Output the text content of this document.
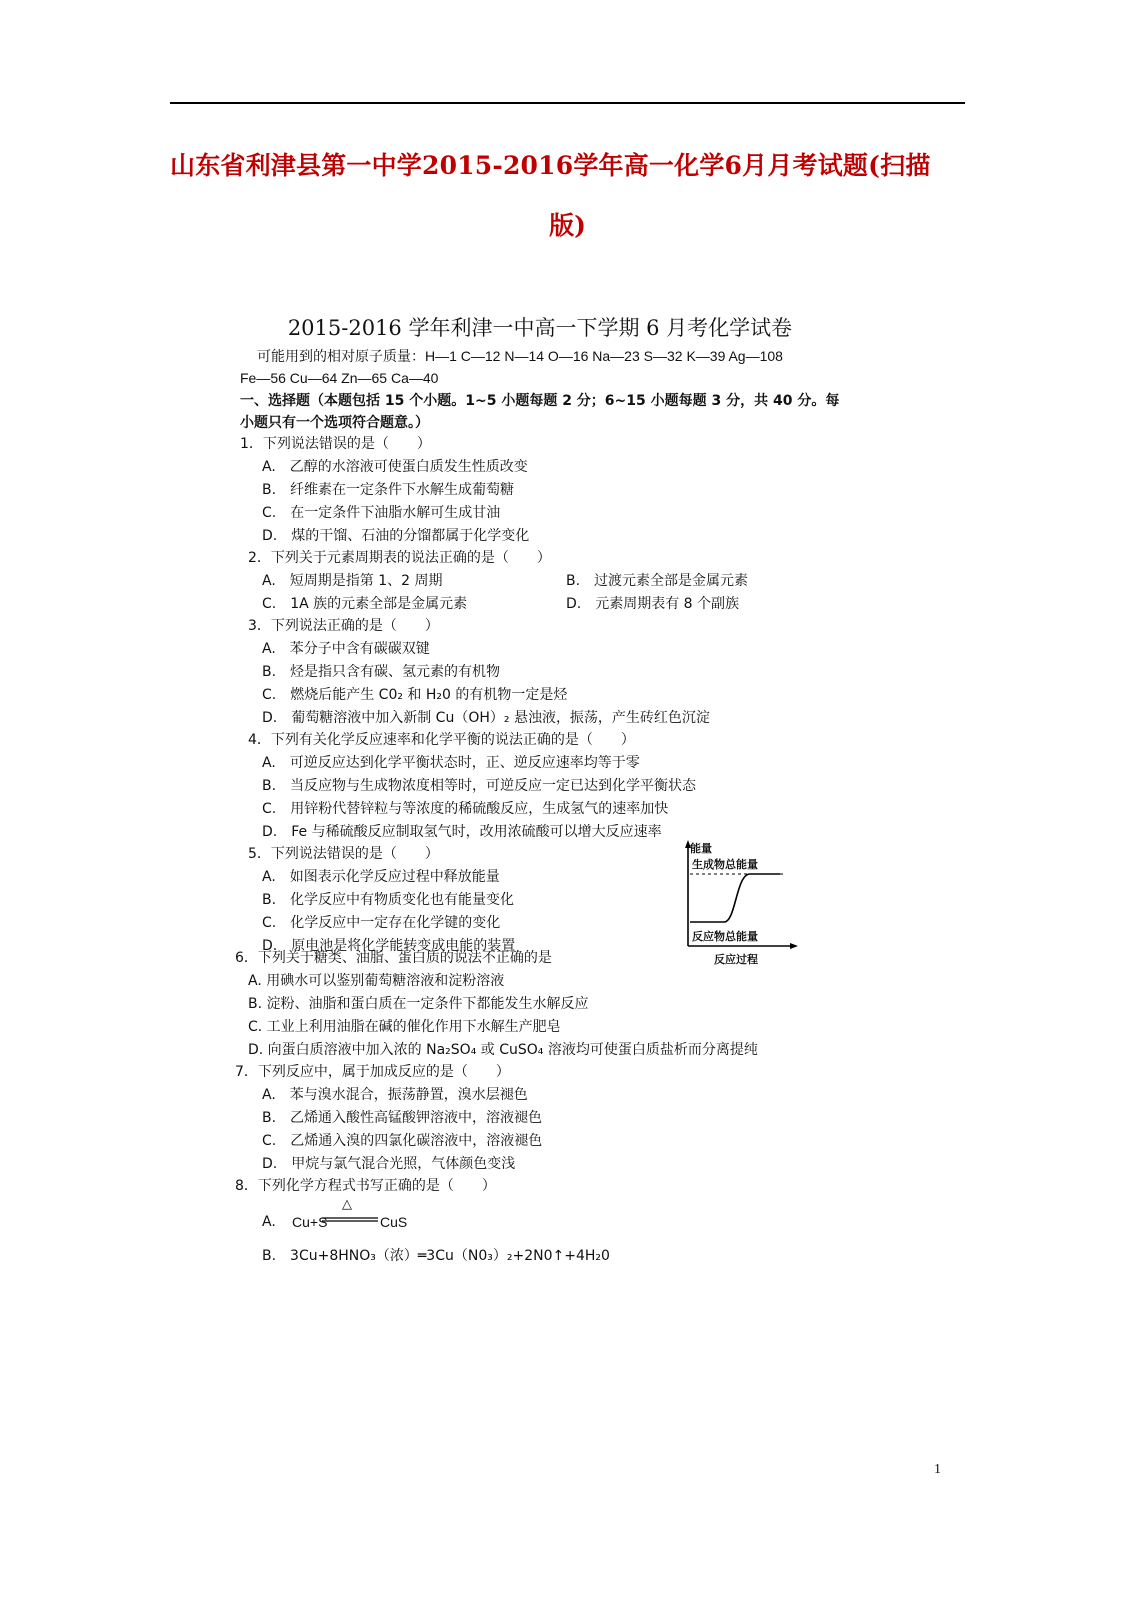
山东省利津县第一中学2015-2016学年高一化学6月月考试题(扫描
版)
2015-2016 学年利津一中高一下学期 6 月考化学试卷
可能用到的相对原子质量：H—1 C—12 N—14 O—16 Na—23 S—32 K—39 Ag—108
Fe—56 Cu—64 Zn—65 Ca—40
一、选择题（本题包括 15 个小题。1~5 小题每题 2 分；6~15 小题每题 3 分，共 40 分。每
小题只有一个选项符合题意。）
1．下列说法错误的是（　　）
A.　乙醇的水溶液可使蛋白质发生性质改变
B.　纤维素在一定条件下水解生成葡萄糖
C.　在一定条件下油脂水解可生成甘油
D.　煤的干馏、石油的分馏都属于化学变化
2．下列关于元素周期表的说法正确的是（　　）
A.　短周期是指第 1、2 周期	B.　过渡元素全部是金属元素
C.　1A 族的元素全部是金属元素	D.　元素周期表有 8 个副族
3．下列说法正确的是（　　）
A.　苯分子中含有碳碳双键
B.　烃是指只含有碳、氢元素的有机物
C.　燃烧后能产生 C0₂ 和 H₂0 的有机物一定是烃
D.　葡萄糖溶液中加入新制 Cu（OH）₂ 悬浊液，振荡，产生砖红色沉淀
4．下列有关化学反应速率和化学平衡的说法正确的是（　　）
A.　可逆反应达到化学平衡状态时，正、逆反应速率均等于零
B.　当反应物与生成物浓度相等时，可逆反应一定已达到化学平衡状态
C.　用锌粉代替锌粒与等浓度的稀硫酸反应，生成氢气的速率加快
D.　Fe 与稀硫酸反应制取氢气时，改用浓硫酸可以增大反应速率
5．下列说法错误的是（　　）
A.　如图表示化学反应过程中释放能量
B.　化学反应中有物质变化也有能量变化
C.　化学反应中一定存在化学键的变化
D.　原电池是将化学能转变成电能的装置
能量
生成物总能量
反应物总能量
反应过程
6．下列关于糖类、油脂、蛋白质的说法不正确的是
A. 用碘水可以鉴别葡萄糖溶液和淀粉溶液
B. 淀粉、油脂和蛋白质在一定条件下都能发生水解反应
C. 工业上利用油脂在碱的催化作用下水解生产肥皂
D. 向蛋白质溶液中加入浓的 Na₂SO₄ 或 CuSO₄ 溶液均可使蛋白质盐析而分离提纯
7．下列反应中，属于加成反应的是（　　）
A.　苯与溴水混合，振荡静置，溴水层褪色
B.　乙烯通入酸性高锰酸钾溶液中，溶液褪色
C.　乙烯通入溴的四氯化碳溶液中，溶液褪色
D.　甲烷与氯气混合光照，气体颜色变浅
8．下列化学方程式书写正确的是（　　）
A. Cu+S
△
CuS
B.　3Cu+8HNO₃（浓）═3Cu（N0₃）₂+2N0↑+4H₂0
1
